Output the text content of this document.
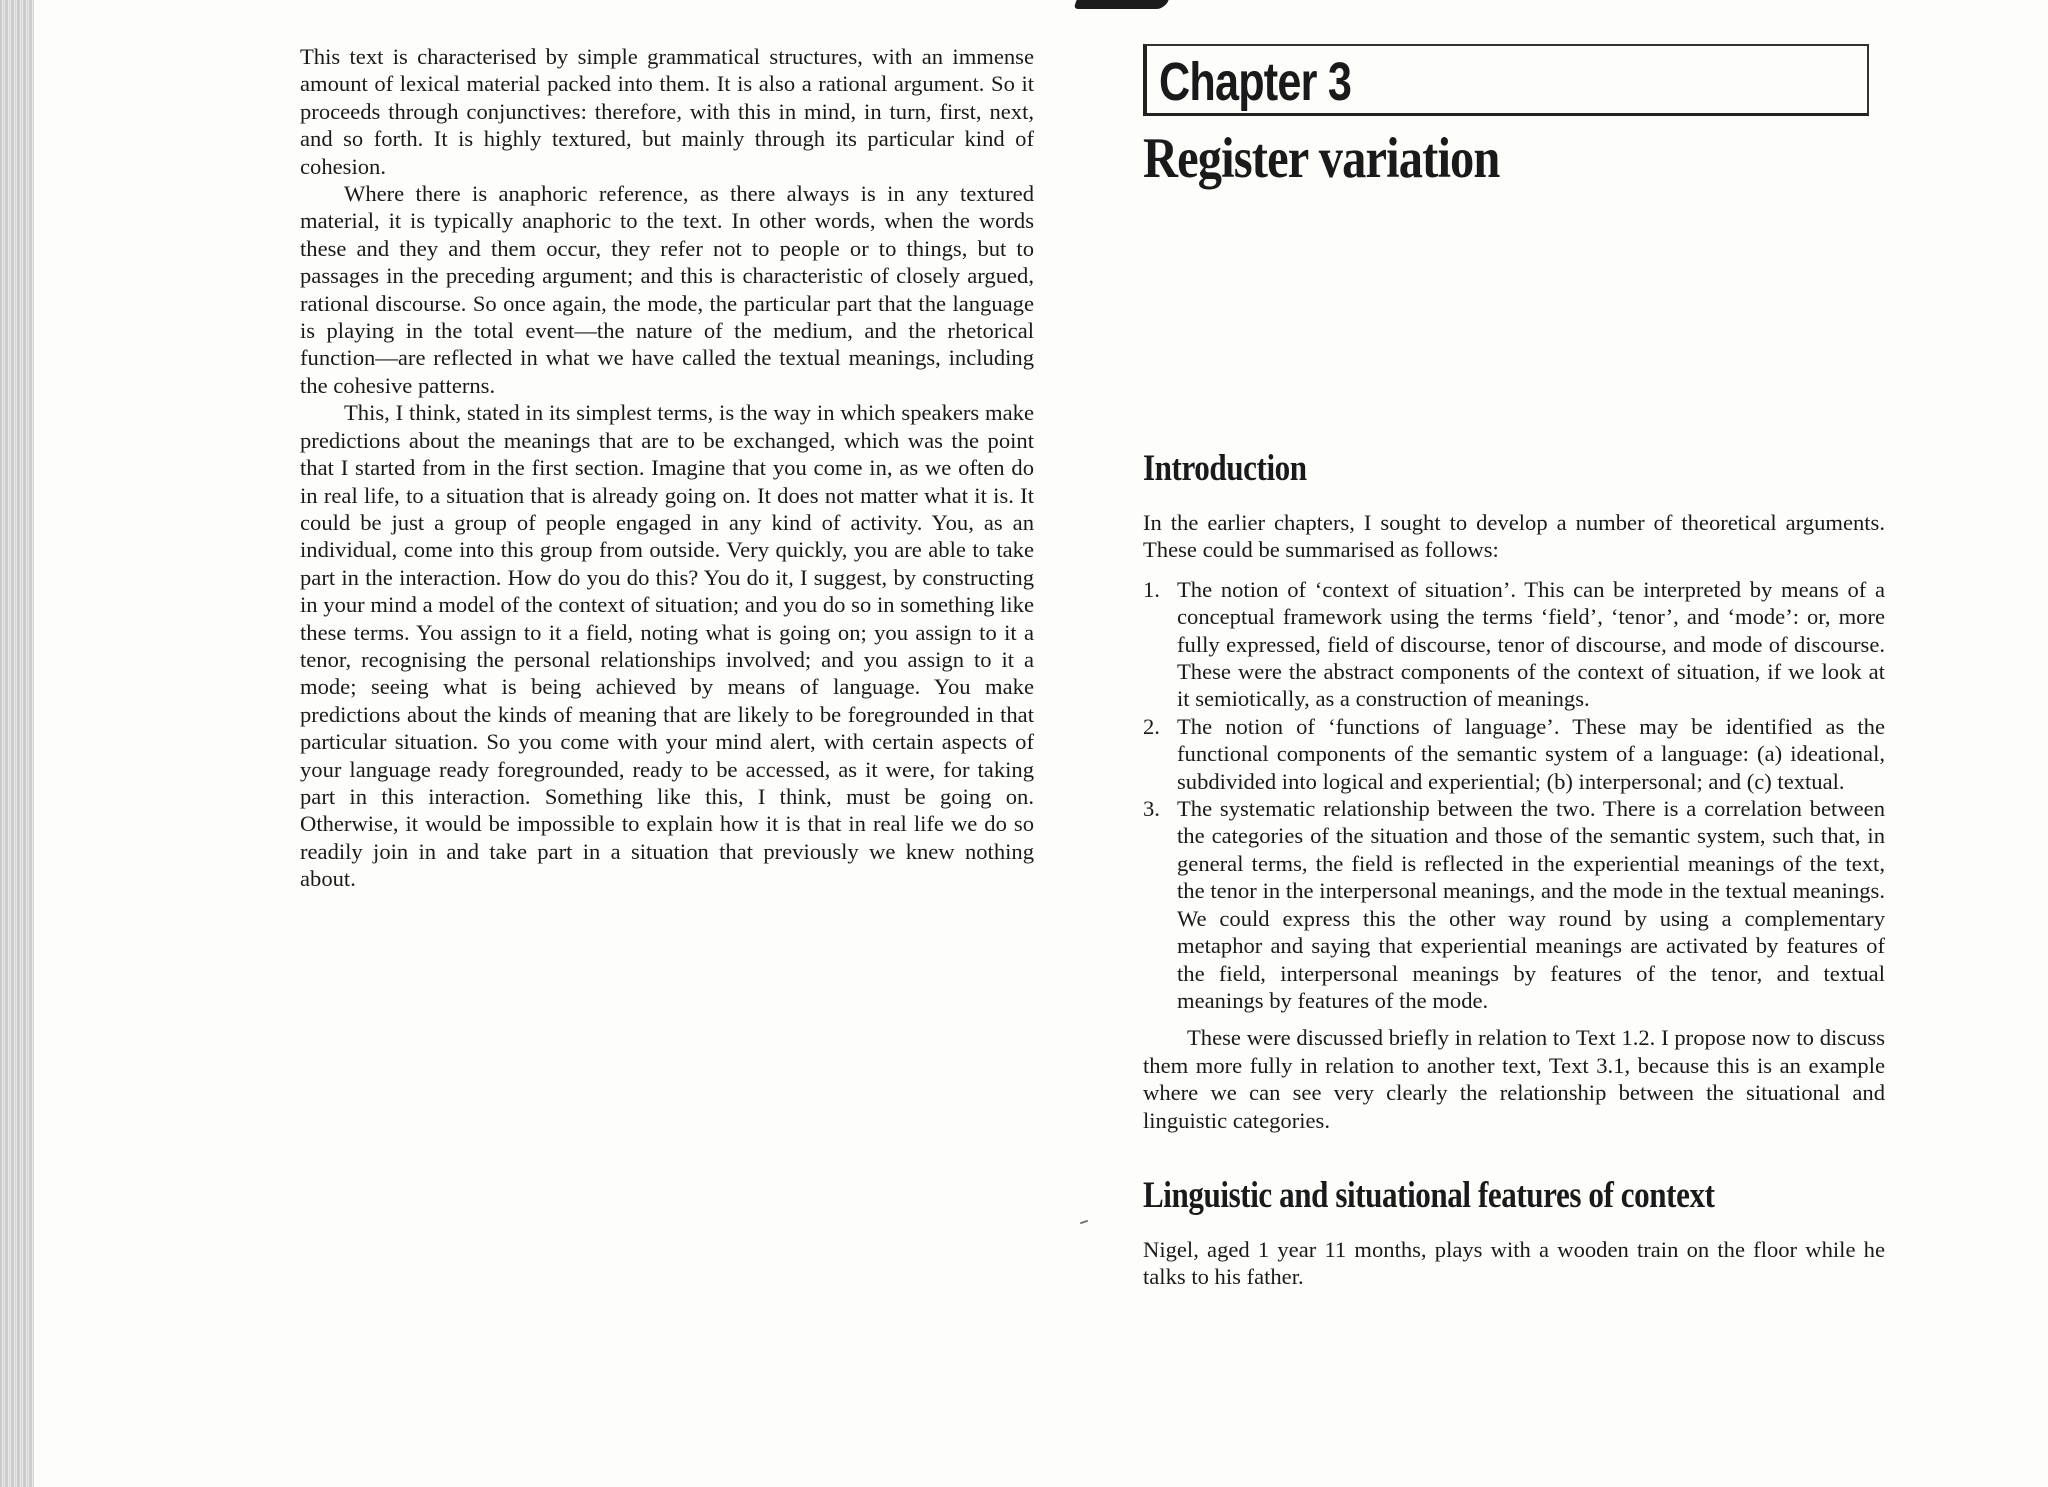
This text is characterised by simple grammatical structures, with an immense amount of lexical material packed into them. It is also a rational argument. So it proceeds through conjunctives: therefore, with this in mind, in turn, first, next, and so forth. It is highly textured, but mainly through its particular kind of cohesion.

Where there is anaphoric reference, as there always is in any textured material, it is typically anaphoric to the text. In other words, when the words these and they and them occur, they refer not to people or to things, but to passages in the preceding argument; and this is characteristic of closely argued, rational discourse. So once again, the mode, the particular part that the language is playing in the total event—the nature of the medium, and the rhetorical function—are reflected in what we have called the textual meanings, including the cohesive patterns.

This, I think, stated in its simplest terms, is the way in which speakers make predictions about the meanings that are to be exchanged, which was the point that I started from in the first section. Imagine that you come in, as we often do in real life, to a situation that is already going on. It does not matter what it is. It could be just a group of people engaged in any kind of activity. You, as an individual, come into this group from outside. Very quickly, you are able to take part in the interaction. How do you do this? You do it, I suggest, by constructing in your mind a model of the context of situation; and you do so in something like these terms. You assign to it a field, noting what is going on; you assign to it a tenor, recognising the personal relationships involved; and you assign to it a mode; seeing what is being achieved by means of language. You make predictions about the kinds of meaning that are likely to be foregrounded in that particular situation. So you come with your mind alert, with certain aspects of your language ready foregrounded, ready to be accessed, as it were, for taking part in this interaction. Something like this, I think, must be going on. Otherwise, it would be impossible to explain how it is that in real life we do so readily join in and take part in a situation that previously we knew nothing about.

Chapter 3
Register variation
Introduction

In the earlier chapters, I sought to develop a number of theoretical arguments. These could be summarised as follows:

1. The notion of ‘context of situation’. This can be interpreted by means of a conceptual framework using the terms ‘field’, ‘tenor’, and ‘mode’: or, more fully expressed, field of discourse, tenor of discourse, and mode of discourse. These were the abstract components of the context of situation, if we look at it semiotically, as a construction of meanings.
2. The notion of ‘functions of language’. These may be identified as the functional components of the semantic system of a language: (a) ideational, subdivided into logical and experiential; (b) interpersonal; and (c) textual.
3. The systematic relationship between the two. There is a correlation between the categories of the situation and those of the semantic system, such that, in general terms, the field is reflected in the experiential meanings of the text, the tenor in the interpersonal meanings, and the mode in the textual meanings. We could express this the other way round by using a complementary metaphor and saying that experiential meanings are activated by features of the field, interpersonal meanings by features of the tenor, and textual meanings by features of the mode.

These were discussed briefly in relation to Text 1.2. I propose now to discuss them more fully in relation to another text, Text 3.1, because this is an example where we can see very clearly the relationship between the situational and linguistic categories.

Linguistic and situational features of context

Nigel, aged 1 year 11 months, plays with a wooden train on the floor while he talks to his father.
